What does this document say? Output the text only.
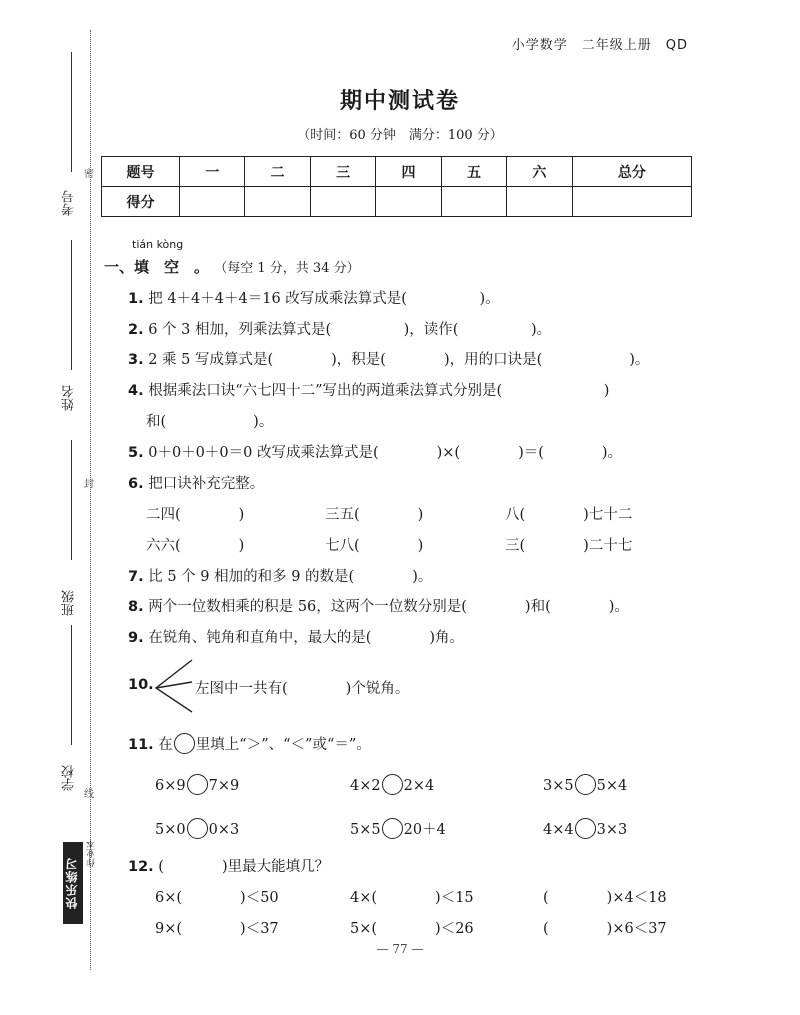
小学数学　二年级上册　QD
期中测试卷
（时间：60 分钟　满分：100 分）
题号	一	二	三	四	五	六	总分
得分							
密
封
线
考号
姓名
班级
学校
快乐练习
作业本
tián kòng
一、填　空　。 （每空 1 分，共 34 分）
1. 把 4＋4＋4＋4＝16 改写成乘法算式是(　　　　　)。
2. 6 个 3 相加，列乘法算式是(　　　　　)，读作(　　　　　)。
3. 2 乘 5 写成算式是(　　　　)，积是(　　　　)，用的口诀是(　　　　　　)。
4. 根据乘法口诀“六七四十二”写出的两道乘法算式分别是(　　　　　　　)
和(　　　　　　)。
5. 0＋0＋0＋0＝0 改写成乘法算式是(　　　　)×(　　　　)＝(　　　　)。
6. 把口诀补充完整。
二四(　　　　)	三五(　　　　)	八(　　　　)七十二
六六(　　　　)	七八(　　　　)	三(　　　　)二十七
7. 比 5 个 9 相加的和多 9 的数是(　　　　)。
8. 两个一位数相乘的积是 56，这两个一位数分别是(　　　　)和(　　　　)。
9. 在锐角、钝角和直角中，最大的是(　　　　)角。
10.	左图中一共有(　　　　)个锐角。
11. 在 里填上“＞”、“＜”或“＝”。
6×9 7×9	4×2 2×4	3×5 5×4
5×0 0×3	5×5 20＋4	4×4 3×3
12. (　　　　)里最大能填几？
6×(　　　　)＜50	4×(　　　　)＜15	(　　　　)×4＜18
9×(　　　　)＜37	5×(　　　　)＜26	(　　　　)×6＜37
— 77 —
